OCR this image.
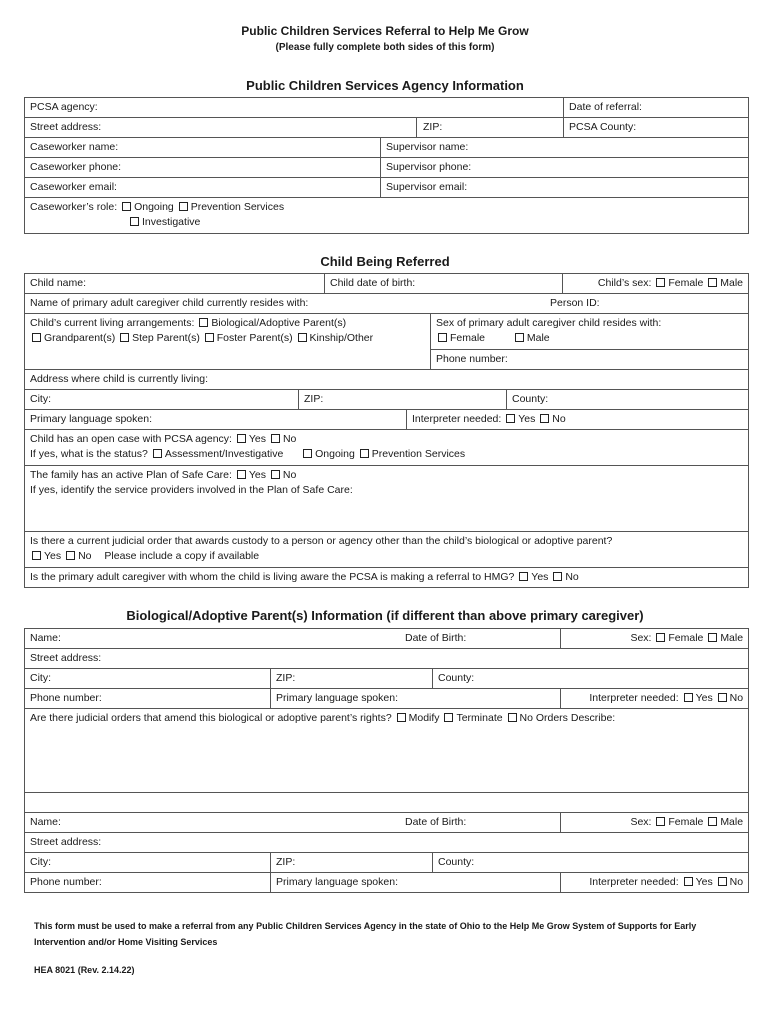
Public Children Services Referral to Help Me Grow
(Please fully complete both sides of this form)
Public Children Services Agency Information
PCSA agency:			Date of referral:
Street address:		ZIP:	PCSA County:
Caseworker name:	Supervisor name:		
Caseworker phone:	Supervisor phone:		
Caseworker email:	Supervisor email:		
Caseworker’s role: Ongoing Prevention Services
Investigative			
Child Being Referred
Child name:		Child date of birth:				Child’s sex: Female Male
Name of primary adult caregiver child currently resides with: Person ID:						

Child’s current living arrangements: Biological/Adoptive Parent(s)
Grandparent(s) Step Parent(s) Foster Parent(s) Kinship/Other				Sex of primary adult caregiver child resides with:
Female Male		
				Phone number:		
Address where child is currently living:						
City:	ZIP:				County:	
Primary language spoken:			Interpreter needed: Yes No			
Child has an open case with PCSA agency: Yes No
If yes, what is the status? Assessment/Investigative Ongoing Prevention Services						
The family has an active Plan of Safe Care: Yes No
If yes, identify the service providers involved in the Plan of Safe Care:						
Is there a current judicial order that awards custody to a person or agency other than the child’s biological or adoptive parent?
Yes No Please include a copy if available						
Is the primary adult caregiver with whom the child is living aware the PCSA is making a referral to HMG? Yes No						
Biological/Adoptive Parent(s) Information (if different than above primary caregiver)
Name: Date of Birth:			Sex: Female Male
Street address:			
City:	ZIP:	County:	
Phone number:	Primary language spoken:		Interpreter needed: Yes No
Are there judicial orders that amend this biological or adoptive parent’s rights? Modify Terminate No Orders Describe:			

Name: Date of Birth:			Sex: Female Male
Street address:			
City:	ZIP:	County:	
Phone number:	Primary language spoken:		Interpreter needed: Yes No
This form must be used to make a referral from any Public Children Services Agency in the state of Ohio to the Help Me Grow System of Supports for Early Intervention and/or Home Visiting Services
HEA 8021 (Rev. 2.14.22)
